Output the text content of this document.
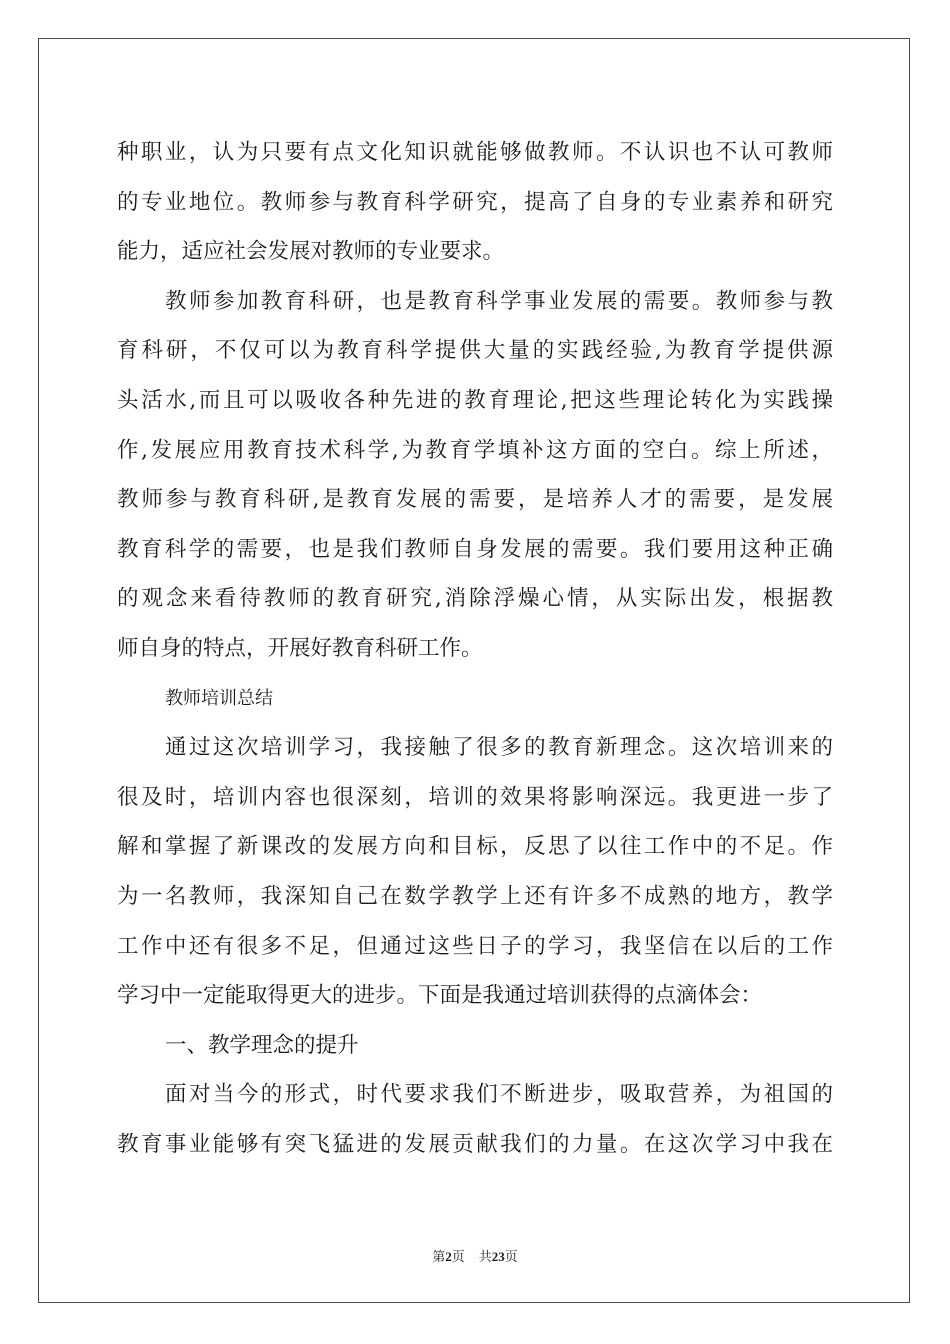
种职业，认为只要有点文化知识就能够做教师。不认识也不认可教师
的专业地位。教师参与教育科学研究，提高了自身的专业素养和研究
能力，适应社会发展对教师的专业要求。
教师参加教育科研，也是教育科学事业发展的需要。教师参与教
育科研，不仅可以为教育科学提供大量的实践经验,为教育学提供源
头活水,而且可以吸收各种先进的教育理论,把这些理论转化为实践操
作,发展应用教育技术科学,为教育学填补这方面的空白。综上所述，
教师参与教育科研,是教育发展的需要，是培养人才的需要，是发展
教育科学的需要，也是我们教师自身发展的需要。我们要用这种正确
的观念来看待教师的教育研究,消除浮燥心情，从实际出发，根据教
师自身的特点，开展好教育科研工作。
教师培训总结
通过这次培训学习，我接触了很多的教育新理念。这次培训来的
很及时，培训内容也很深刻，培训的效果将影响深远。我更进一步了
解和掌握了新课改的发展方向和目标，反思了以往工作中的不足。作
为一名教师，我深知自己在数学教学上还有许多不成熟的地方，教学
工作中还有很多不足，但通过这些日子的学习，我坚信在以后的工作
学习中一定能取得更大的进步。下面是我通过培训获得的点滴体会：
一、教学理念的提升
面对当今的形式，时代要求我们不断进步，吸取营养，为祖国的
教育事业能够有突飞猛进的发展贡献我们的力量。在这次学习中我在
第2页 共23页
